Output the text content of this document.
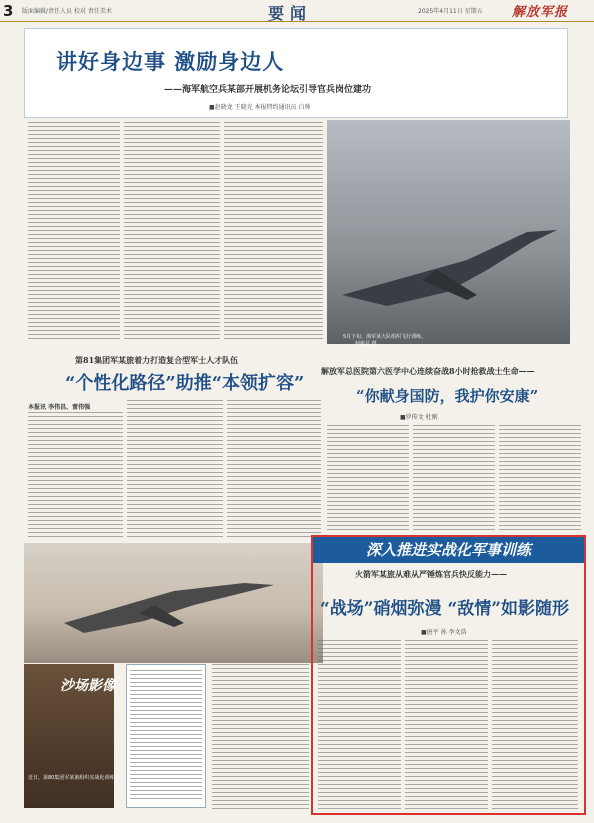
3 版面编辑/责任人员 校对 责任美术	要闻	2025年4月11日 星期五 解放军报
讲好身边事 激励身边人
——海军航空兵某部开展机务论坛引导官兵岗位建功
■赵晓龙 王晓光 本报特约通讯员 白帅
5月下旬，海军某大队组织飞行训练。
何新益 摄
第81集团军某旅着力打造复合型军士人才队伍
“个性化路径”助推“本领扩容”
本报讯 李伟昌、雷伟强
解放军总医院第六医学中心连续奋战8小时抢救战士生命——
“你献身国防，我护你安康”
■罗传文 杜刚
深入推进实战化军事训练
火箭军某旅从难从严锤炼官兵快反能力——
“战场”硝烟弥漫 “敌情”如影随形
■唐平 孙 李文浩
沙场影像
近日，第80集团军某旅组织实战化训练
